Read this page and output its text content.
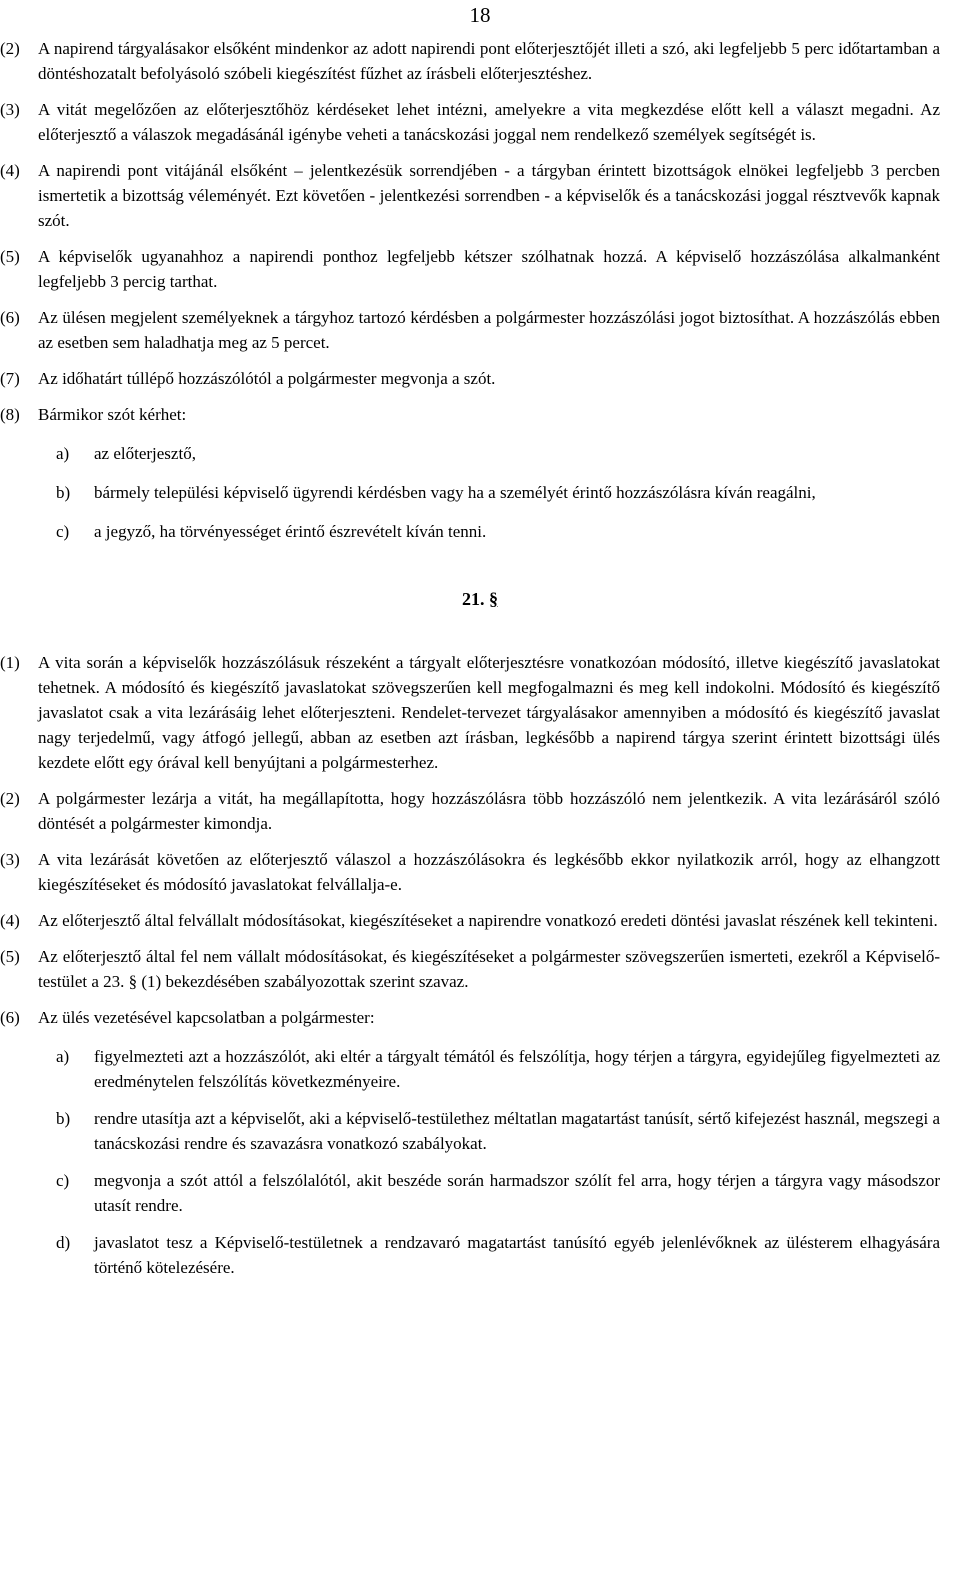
18
(2) A napirend tárgyalásakor elsőként mindenkor az adott napirendi pont előterjesztőjét illeti a szó, aki legfeljebb 5 perc időtartamban a döntéshozatalt befolyásoló szóbeli kiegészítést fűzhet az írásbeli előterjesztéshez.
(3) A vitát megelőzően az előterjesztőhöz kérdéseket lehet intézni, amelyekre a vita megkezdése előtt kell a választ megadni. Az előterjesztő a válaszok megadásánál igénybe veheti a tanácskozási joggal nem rendelkező személyek segítségét is.
(4) A napirendi pont vitájánál elsőként – jelentkezésük sorrendjében - a tárgyban érintett bizottságok elnökei legfeljebb 3 percben ismertetik a bizottság véleményét. Ezt követően - jelentkezési sorrendben - a képviselők és a tanácskozási joggal résztvevők kapnak szót.
(5) A képviselők ugyanahhoz a napirendi ponthoz legfeljebb kétszer szólhatnak hozzá. A képviselő hozzászólása alkalmanként legfeljebb 3 percig tarthat.
(6) Az ülésen megjelent személyeknek a tárgyhoz tartozó kérdésben a polgármester hozzászólási jogot biztosíthat. A hozzászólás ebben az esetben sem haladhatja meg az 5 percet.
(7) Az időhatárt túllépő hozzászólótól a polgármester megvonja a szót.
(8) Bármikor szót kérhet:
a) az előterjesztő,
b) bármely települési képviselő ügyrendi kérdésben vagy ha a személyét érintő hozzászólásra kíván reagálni,
c) a jegyző, ha törvényességet érintő észrevételt kíván tenni.
21. §
(1) A vita során a képviselők hozzászólásuk részeként a tárgyalt előterjesztésre vonatkozóan módosító, illetve kiegészítő javaslatokat tehetnek. A módosító és kiegészítő javaslatokat szövegszerűen kell megfogalmazni és meg kell indokolni. Módosító és kiegészítő javaslatot csak a vita lezárásáig lehet előterjeszteni. Rendelet-tervezet tárgyalásakor amennyiben a módosító és kiegészítő javaslat nagy terjedelmű, vagy átfogó jellegű, abban az esetben azt írásban, legkésőbb a napirend tárgya szerint érintett bizottsági ülés kezdete előtt egy órával kell benyújtani a polgármesterhez.
(2) A polgármester lezárja a vitát, ha megállapította, hogy hozzászólásra több hozzászóló nem jelentkezik. A vita lezárásáról szóló döntését a polgármester kimondja.
(3) A vita lezárását követően az előterjesztő válaszol a hozzászólásokra és legkésőbb ekkor nyilatkozik arról, hogy az elhangzott kiegészítéseket és módosító javaslatokat felvállalja-e.
(4) Az előterjesztő által felvállalt módosításokat, kiegészítéseket a napirendre vonatkozó eredeti döntési javaslat részének kell tekinteni.
(5) Az előterjesztő által fel nem vállalt módosításokat, és kiegészítéseket a polgármester szövegszerűen ismerteti, ezekről a Képviselő-testület a 23. § (1) bekezdésében szabályozottak szerint szavaz.
(6) Az ülés vezetésével kapcsolatban a polgármester:
a) figyelmezteti azt a hozzászólót, aki eltér a tárgyalt témától és felszólítja, hogy térjen a tárgyra, egyidejűleg figyelmezteti az eredménytelen felszólítás következményeire.
b) rendre utasítja azt a képviselőt, aki a képviselő-testülethez méltatlan magatartást tanúsít, sértő kifejezést használ, megszegi a tanácskozási rendre és szavazásra vonatkozó szabályokat.
c) megvonja a szót attól a felszólalótól, akit beszéde során harmadszor szólít fel arra, hogy térjen a tárgyra vagy másodszor utasít rendre.
d) javaslatot tesz a Képviselő-testületnek a rendzavaró magatartást tanúsító egyéb jelenlévőknek az ülésterem elhagyására történő kötelezésére.
